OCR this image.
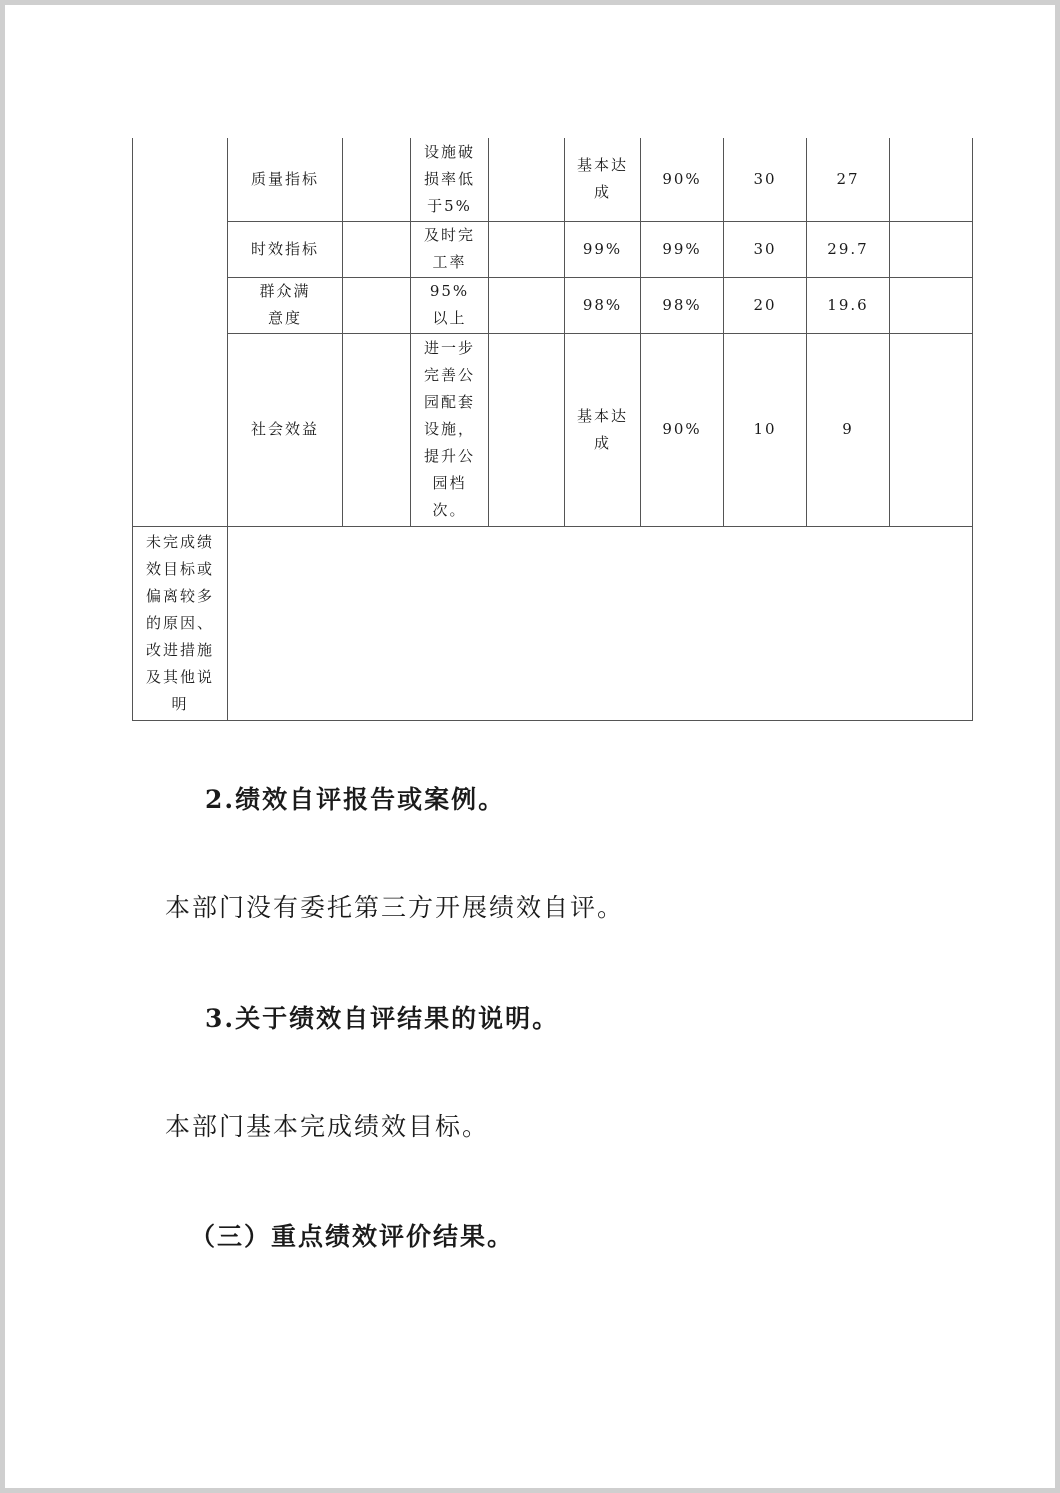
	质量指标		设施破损率低于5%		基本达成	90%	30	27	
	时效指标		及时完工率		99%	99%	30	29.7	
	群众满意度		95%以上		98%	98%	20	19.6	
	社会效益		进一步完善公园配套设施，提升公园档次。		基本达成	90%	10	9	
未完成绩效目标或偏离较多的原因、改进措施及其他说明									
2.绩效自评报告或案例。
本部门没有委托第三方开展绩效自评。
3.关于绩效自评结果的说明。
本部门基本完成绩效目标。
（三）重点绩效评价结果。
